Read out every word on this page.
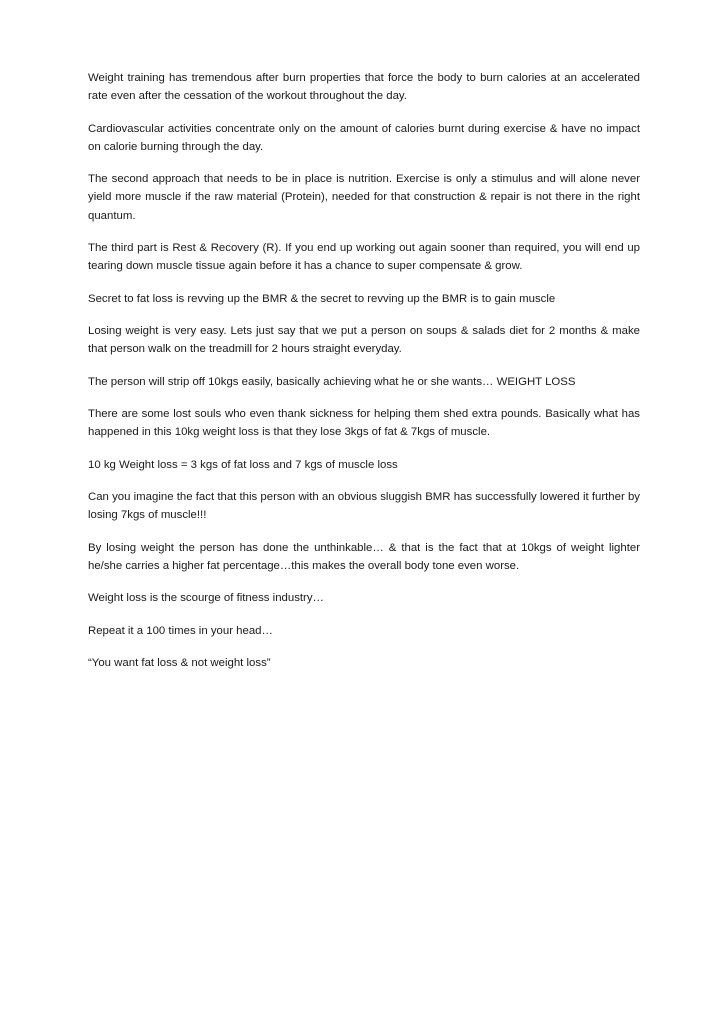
Weight training has tremendous after burn properties that force the body to burn calories at an accelerated rate even after the cessation of the workout throughout the day.

Cardiovascular activities concentrate only on the amount of calories burnt during exercise & have no impact on calorie burning through the day.

The second approach that needs to be in place is nutrition. Exercise is only a stimulus and will alone never yield more muscle if the raw material (Protein), needed for that construction & repair is not there in the right quantum.

The third part is Rest & Recovery (R). If you end up working out again sooner than required, you will end up tearing down muscle tissue again before it has a chance to super compensate & grow.

Secret to fat loss is revving up the BMR & the secret to revving up the BMR is to gain muscle

Losing weight is very easy. Lets just say that we put a person on soups & salads diet for 2 months & make that person walk on the treadmill for 2 hours straight everyday.

The person will strip off 10kgs easily, basically achieving what he or she wants… WEIGHT LOSS

There are some lost souls who even thank sickness for helping them shed extra pounds. Basically what has happened in this 10kg weight loss is that they lose 3kgs of fat & 7kgs of muscle.

10 kg Weight loss = 3 kgs of fat loss and 7 kgs of muscle loss

Can you imagine the fact that this person with an obvious sluggish BMR has successfully lowered it further by losing 7kgs of muscle!!!

By losing weight the person has done the unthinkable… & that is the fact that at 10kgs of weight lighter he/she carries a higher fat percentage…this makes the overall body tone even worse.

Weight loss is the scourge of fitness industry…

Repeat it a 100 times in your head…

“You want fat loss & not weight loss”
